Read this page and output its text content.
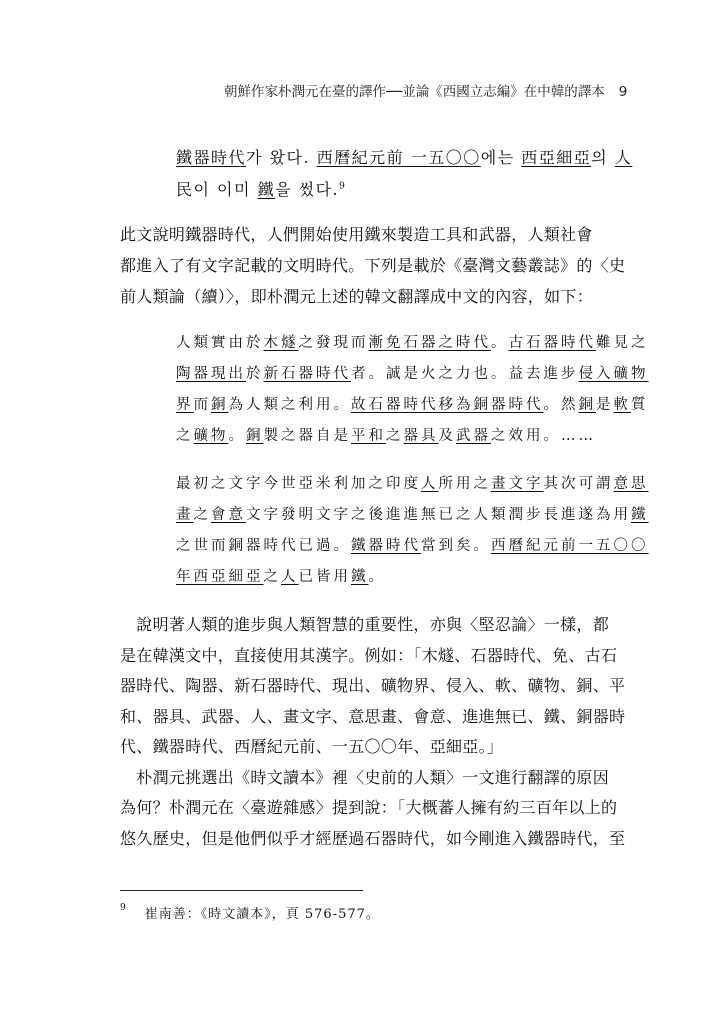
朝鮮作家朴潤元在臺的譯作──並論《西國立志編》在中韓的譯本 9
鐵器時代가 왔다. 西曆紀元前 一五〇〇에는 西亞細亞의 人
民이 이미 鐵을 썼다.$^9$
此文說明鐵器時代，人們開始使用鐵來製造工具和武器，人類社會
都進入了有文字記載的文明時代。下列是載於《臺灣文藝叢誌》的〈史
前人類論（續）〉，即朴潤元上述的韓文翻譯成中文的內容，如下：
人類實由於木燧之發現而漸免石器之時代。古石器時代難見之
陶器現出於新石器時代者。誠是火之力也。益去進步侵入礦物
界而銅為人類之利用。故石器時代移為銅器時代。然銅是軟質
之礦物。銅製之器自是平和之器具及武器之效用。……
最初之文字今世亞米利加之印度人所用之畫文字其次可謂意思
畫之會意文字發明文字之後進進無已之人類潤步長進遂為用鐵
之世而銅器時代已過。鐵器時代當到矣。西曆紀元前一五〇〇
年西亞細亞之人已皆用鐵。
　說明著人類的進步與人類智慧的重要性，亦與〈堅忍論〉一樣，都
是在韓漢文中，直接使用其漢字。例如：「木燧、石器時代、免、古石
器時代、陶器、新石器時代、現出、礦物界、侵入、軟、礦物、銅、平
和、器具、武器、人、畫文字、意思畫、會意、進進無已、鐵、銅器時
代、鐵器時代、西曆紀元前、一五〇〇年、亞細亞。」
　朴潤元挑選出《時文讀本》裡〈史前的人類〉一文進行翻譯的原因
為何？朴潤元在〈臺遊雜感〉提到說：「大概蕃人擁有約三百年以上的
悠久歷史，但是他們似乎才經歷過石器時代，如今剛進入鐵器時代，至
$^9$ 崔南善：《時文讀本》，頁 576-577。
